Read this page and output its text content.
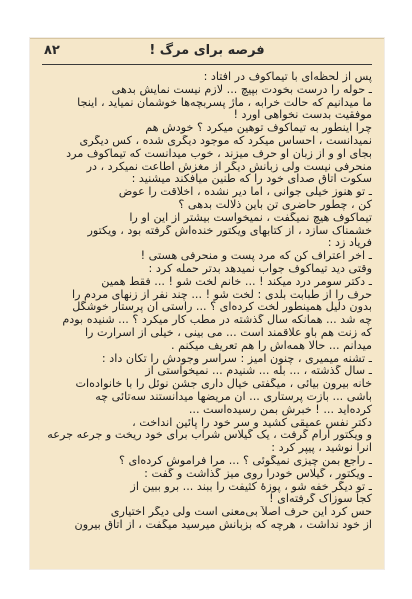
۸۲	فرصه برای مرگ !
پس از لحظه‌ای با تیماکوف در افتاد :
ـ حوله را درست بخودت بپیچ ... لازم نیست نمایش بدهی
ما میدانیم که حالت خرابه ، ماژ پسربچه‌ها خوشمان نمیاید ، اینجا
موفقیت بدست نخواهی آورد !
چرا اینطور به تیماکوف توهین میکرد ؟ خودش هم
نمیدانست ، احساس میکرد که موجود دیگری شده ، کس دیگری
بجای او و از زبان او حرف میزند ، خوب میدانست که تیماکوف مرد
منحرفی نیست ولی زبانش دیگر از مغزش اطاعت نمیکرد ، در
سکوت اتاق صدای خود را که طنین میافکند میشنید :
ـ تو هنوز خیلی جوانی ، اما دیر نشده ، اخلاقت را عوض
کن ، چطور حاضری تن باین ذلالت بدهی ؟
تیماکوف هیچ نمیگفت ، نمیخواست بیشتر از این او را
خشمناک سازد ، از کتابهای ویکتور خنده‌اش گرفته بود ، ویکتور
فریاد زد :
ـ آخر اعتراف کن که مرد پست و منحرفی هستی !
وقتی دید تیماکوف جواب نمیدهد بدتر حمله کرد :
ـ دکتر سومر درد میکند ! ... خانم لخت شو ! ... فقط همین
حرف را از طبابت بلدی : لخت شو ! ... چند نفر از زنهای مردم را
بدون دلیل همینطور لخت کرده‌ای ؟ ... راستی آن پرستار خوشگل
چه شد ... همانکه سال گذشته در مطب کار میکرد ؟ ... شنیده بودم
که زنت هم باو علاقمند است ... می بینی ، خیلی از اسرارت را
میدانم ... حالا همه‌اش را هم تعریف میکنم .
ـ تشنه میمیری ، چنون آمیز : سراسر وجودش را تکان داد :
ـ سال گذشته ، ... بله ... شنیدم ... نمیخواستی از
خانه بیرون بیائی ، میگفتی خیال داری جشن نوئل را با خانواده‌ات
باشی ... بازت پرستاری ... آن مریضها میدانستند سه‌تائی چه
کرده‌اید ... ! خبرش بمن رسیده‌است ...
دکتر نفس عمیقی کشید و سر خود را پائین انداخت ،
و ویکتور آرام گرفت ، یک گیلاس شراب برای خود ریخت و جرعه جرعه
آنرا نوشید ، پیپر کرد :
ـ راجع بمن چیزی نمیگوئی ؟ ... مرا فراموش کرده‌ای ؟
ـ ویکتور ، گیلاس خودرا روی میز گذاشت و گفت :
ـ تو دیگر خفه شو ، پوزهٔ کثیفت را ببند ... برو ببین از
کجا سوزاک گرفته‌ای !
حس کرد این حرف اصلاً بی‌معنی است ولی دیگر اختیاری
از خود نداشت ، هرچه که بزبانش میرسید میگفت ، از اتاق بیرون
